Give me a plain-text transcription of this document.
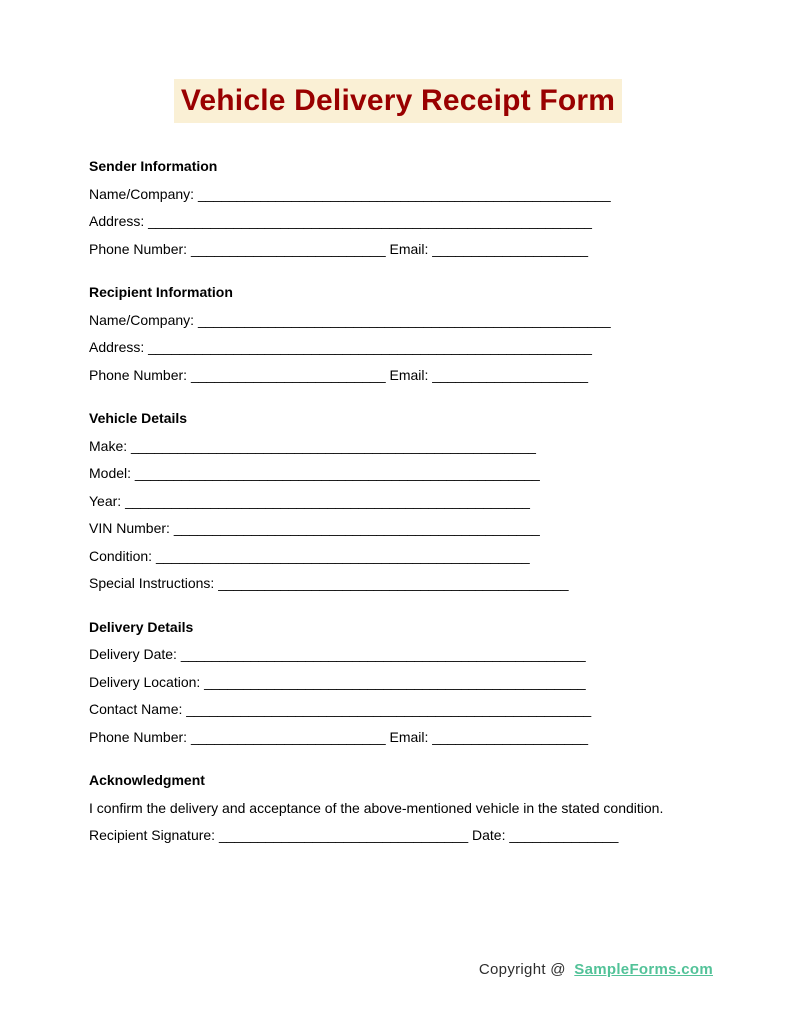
Vehicle Delivery Receipt Form
Sender Information
Name/Company: _____________________________________________________
Address: _________________________________________________________
Phone Number: _________________________ Email: ____________________
Recipient Information
Name/Company: _____________________________________________________
Address: _________________________________________________________
Phone Number: _________________________ Email: ____________________
Vehicle Details
Make: ____________________________________________________
Model: ____________________________________________________
Year: ____________________________________________________
VIN Number: _______________________________________________
Condition: ________________________________________________
Special Instructions: _____________________________________________
Delivery Details
Delivery Date: ____________________________________________________
Delivery Location: _________________________________________________
Contact Name: ____________________________________________________
Phone Number: _________________________ Email: ____________________
Acknowledgment
I confirm the delivery and acceptance of the above-mentioned vehicle in the stated condition.
Recipient Signature: ________________________________ Date: ______________
Copyright @ SampleForms.com
